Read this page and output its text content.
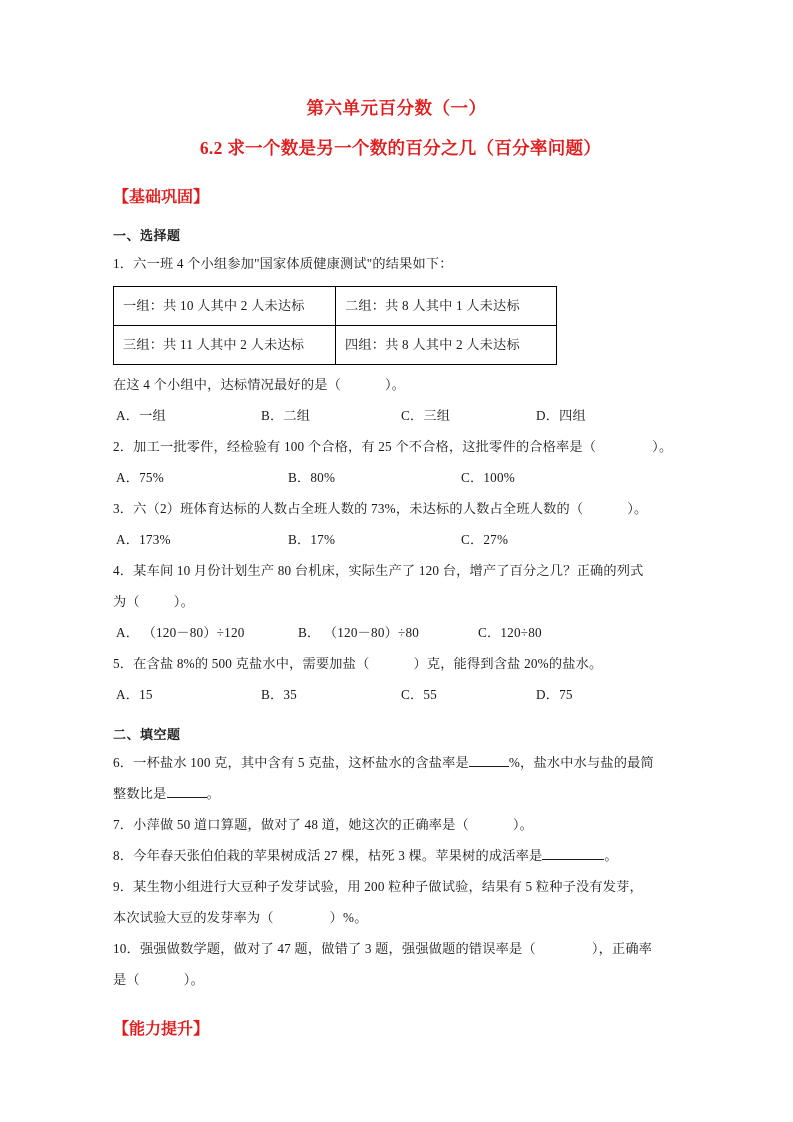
第六单元百分数（一）
6.2 求一个数是另一个数的百分之几（百分率问题）
【基础巩固】
一、选择题
1．六一班 4 个小组参加"国家体质健康测试"的结果如下：
一组：共 10 人其中 2 人未达标	二组：共 8 人其中 1 人未达标
三组：共 11 人其中 2 人未达标	四组：共 8 人其中 2 人未达标
在这 4 个小组中，达标情况最好的是（	）。
A．一组	B．二组	C．三组	D．四组
2．加工一批零件，经检验有 100 个合格，有 25 个不合格，这批零件的合格率是（	）。
A．75%	B．80%	C．100%
3．六（2）班体育达标的人数占全班人数的 73%，未达标的人数占全班人数的（	）。
A．173%	B．17%	C．27%
4．某车间 10 月份计划生产 80 台机床，实际生产了 120 台，增产了百分之几？正确的列式
为（	）。
A． （120－80）÷120	B． （120－80）÷80	C．120÷80
5．在含盐 8%的 500 克盐水中，需要加盐（	）克，能得到含盐 20%的盐水。
A．15	B．35	C．55	D．75
二、填空题
6．一杯盐水 100 克，其中含有 5 克盐，这杯盐水的含盐率是	%，盐水中水与盐的最简
整数比是	。
7．小萍做 50 道口算题，做对了 48 道，她这次的正确率是（	）。
8．今年春天张伯伯栽的苹果树成活 27 棵，枯死 3 棵。苹果树的成活率是	。
9．某生物小组进行大豆种子发芽试验，用 200 粒种子做试验，结果有 5 粒种子没有发芽，
本次试验大豆的发芽率为（	）%。
10．强强做数学题，做对了 47 题，做错了 3 题，强强做题的错误率是（	），正确率
是（	）。
【能力提升】
